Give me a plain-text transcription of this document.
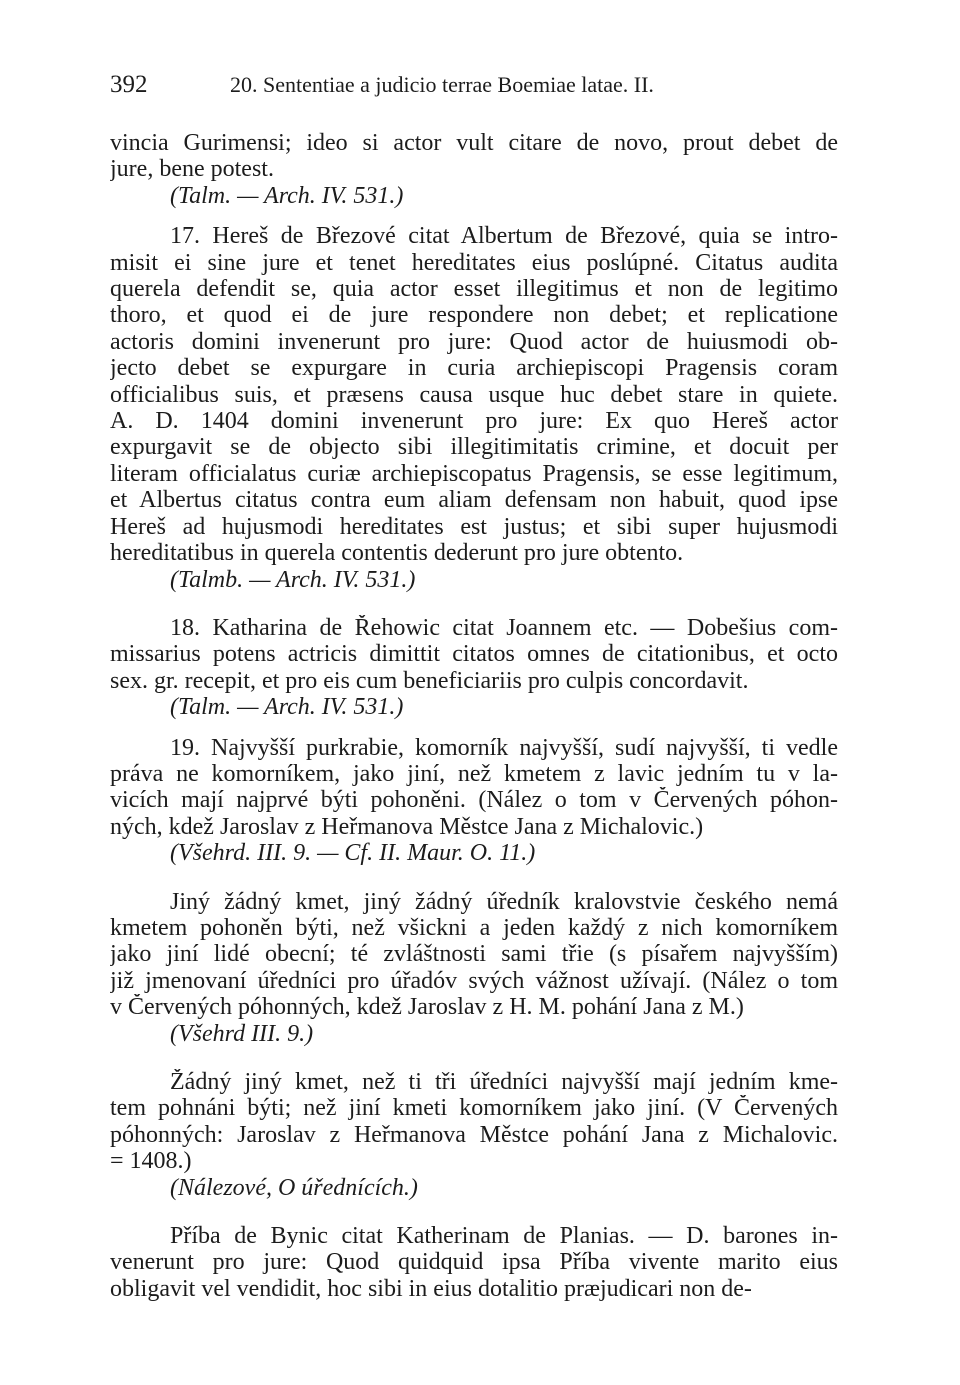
392	20. Sententiae a judicio terrae Boemiae latae. II.
vincia Gurimensi; ideo si actor vult citare de novo, prout debet de
jure, bene potest.

(Talm. — Arch. IV. 531.)

17. Hereš de Březové citat Albertum de Březové, quia se intro-
misit ei sine jure et tenet hereditates eius poslúpné. Citatus audita
querela defendit se, quia actor esset illegitimus et non de legitimo
thoro, et quod ei de jure respondere non debet; et replicatione
actoris domini invenerunt pro jure: Quod actor de huiusmodi ob-
jecto debet se expurgare in curia archiepiscopi Pragensis coram
officialibus suis, et præsens causa usque huc debet stare in quiete.
A. D. 1404 domini invenerunt pro jure: Ex quo Hereš actor
expurgavit se de objecto sibi illegitimitatis crimine, et docuit per
literam officialatus curiæ archiepiscopatus Pragensis, se esse legitimum,
et Albertus citatus contra eum aliam defensam non habuit, quod ipse
Hereš ad hujusmodi hereditates est justus; et sibi super hujusmodi
hereditatibus in querela contentis dederunt pro jure obtento.

(Talmb. — Arch. IV. 531.)

18. Katharina de Řehowic citat Joannem etc. — Dobešius com-
missarius potens actricis dimittit citatos omnes de citationibus, et octo
sex. gr. recepit, et pro eis cum beneficiariis pro culpis concordavit.

(Talm. — Arch. IV. 531.)

19. Najvyšší purkrabie, komorník najvyšší, sudí najvyšší, ti vedle
práva ne komorníkem, jako jiní, než kmetem z lavic jedním tu v la-
vicích mají najprvé býti pohoněni. (Nález o tom v Červených póhon-
ných, kdež Jaroslav z Heřmanova Městce Jana z Michalovic.)

(Všehrd. III. 9. — Cf. II. Maur. O. 11.)

Jiný žádný kmet, jiný žádný úředník kralovstvie českého nemá
kmetem pohoněn býti, než všickni a jeden každý z nich komorníkem
jako jiní lidé obecní; té zvláštnosti sami třie (s písařem najvyšším)
již jmenovaní úředníci pro úřadóv svých vážnost užívají. (Nález o tom
v Červených póhonných, kdež Jaroslav z H. M. pohání Jana z M.)

(Všehrd III. 9.)

Žádný jiný kmet, než ti tři úředníci najvyšší mají jedním kme-
tem pohnáni býti; než jiní kmeti komorníkem jako jiní. (V Červených
póhonných: Jaroslav z Heřmanova Městce pohání Jana z Michalovic.
= 1408.)

(Nálezové, O úřednících.)

Příba de Bynic citat Katherinam de Planias. — D. barones in-
venerunt pro jure: Quod quidquid ipsa Příba vivente marito eius
obligavit vel vendidit, hoc sibi in eius dotalitio præjudicari non de-
